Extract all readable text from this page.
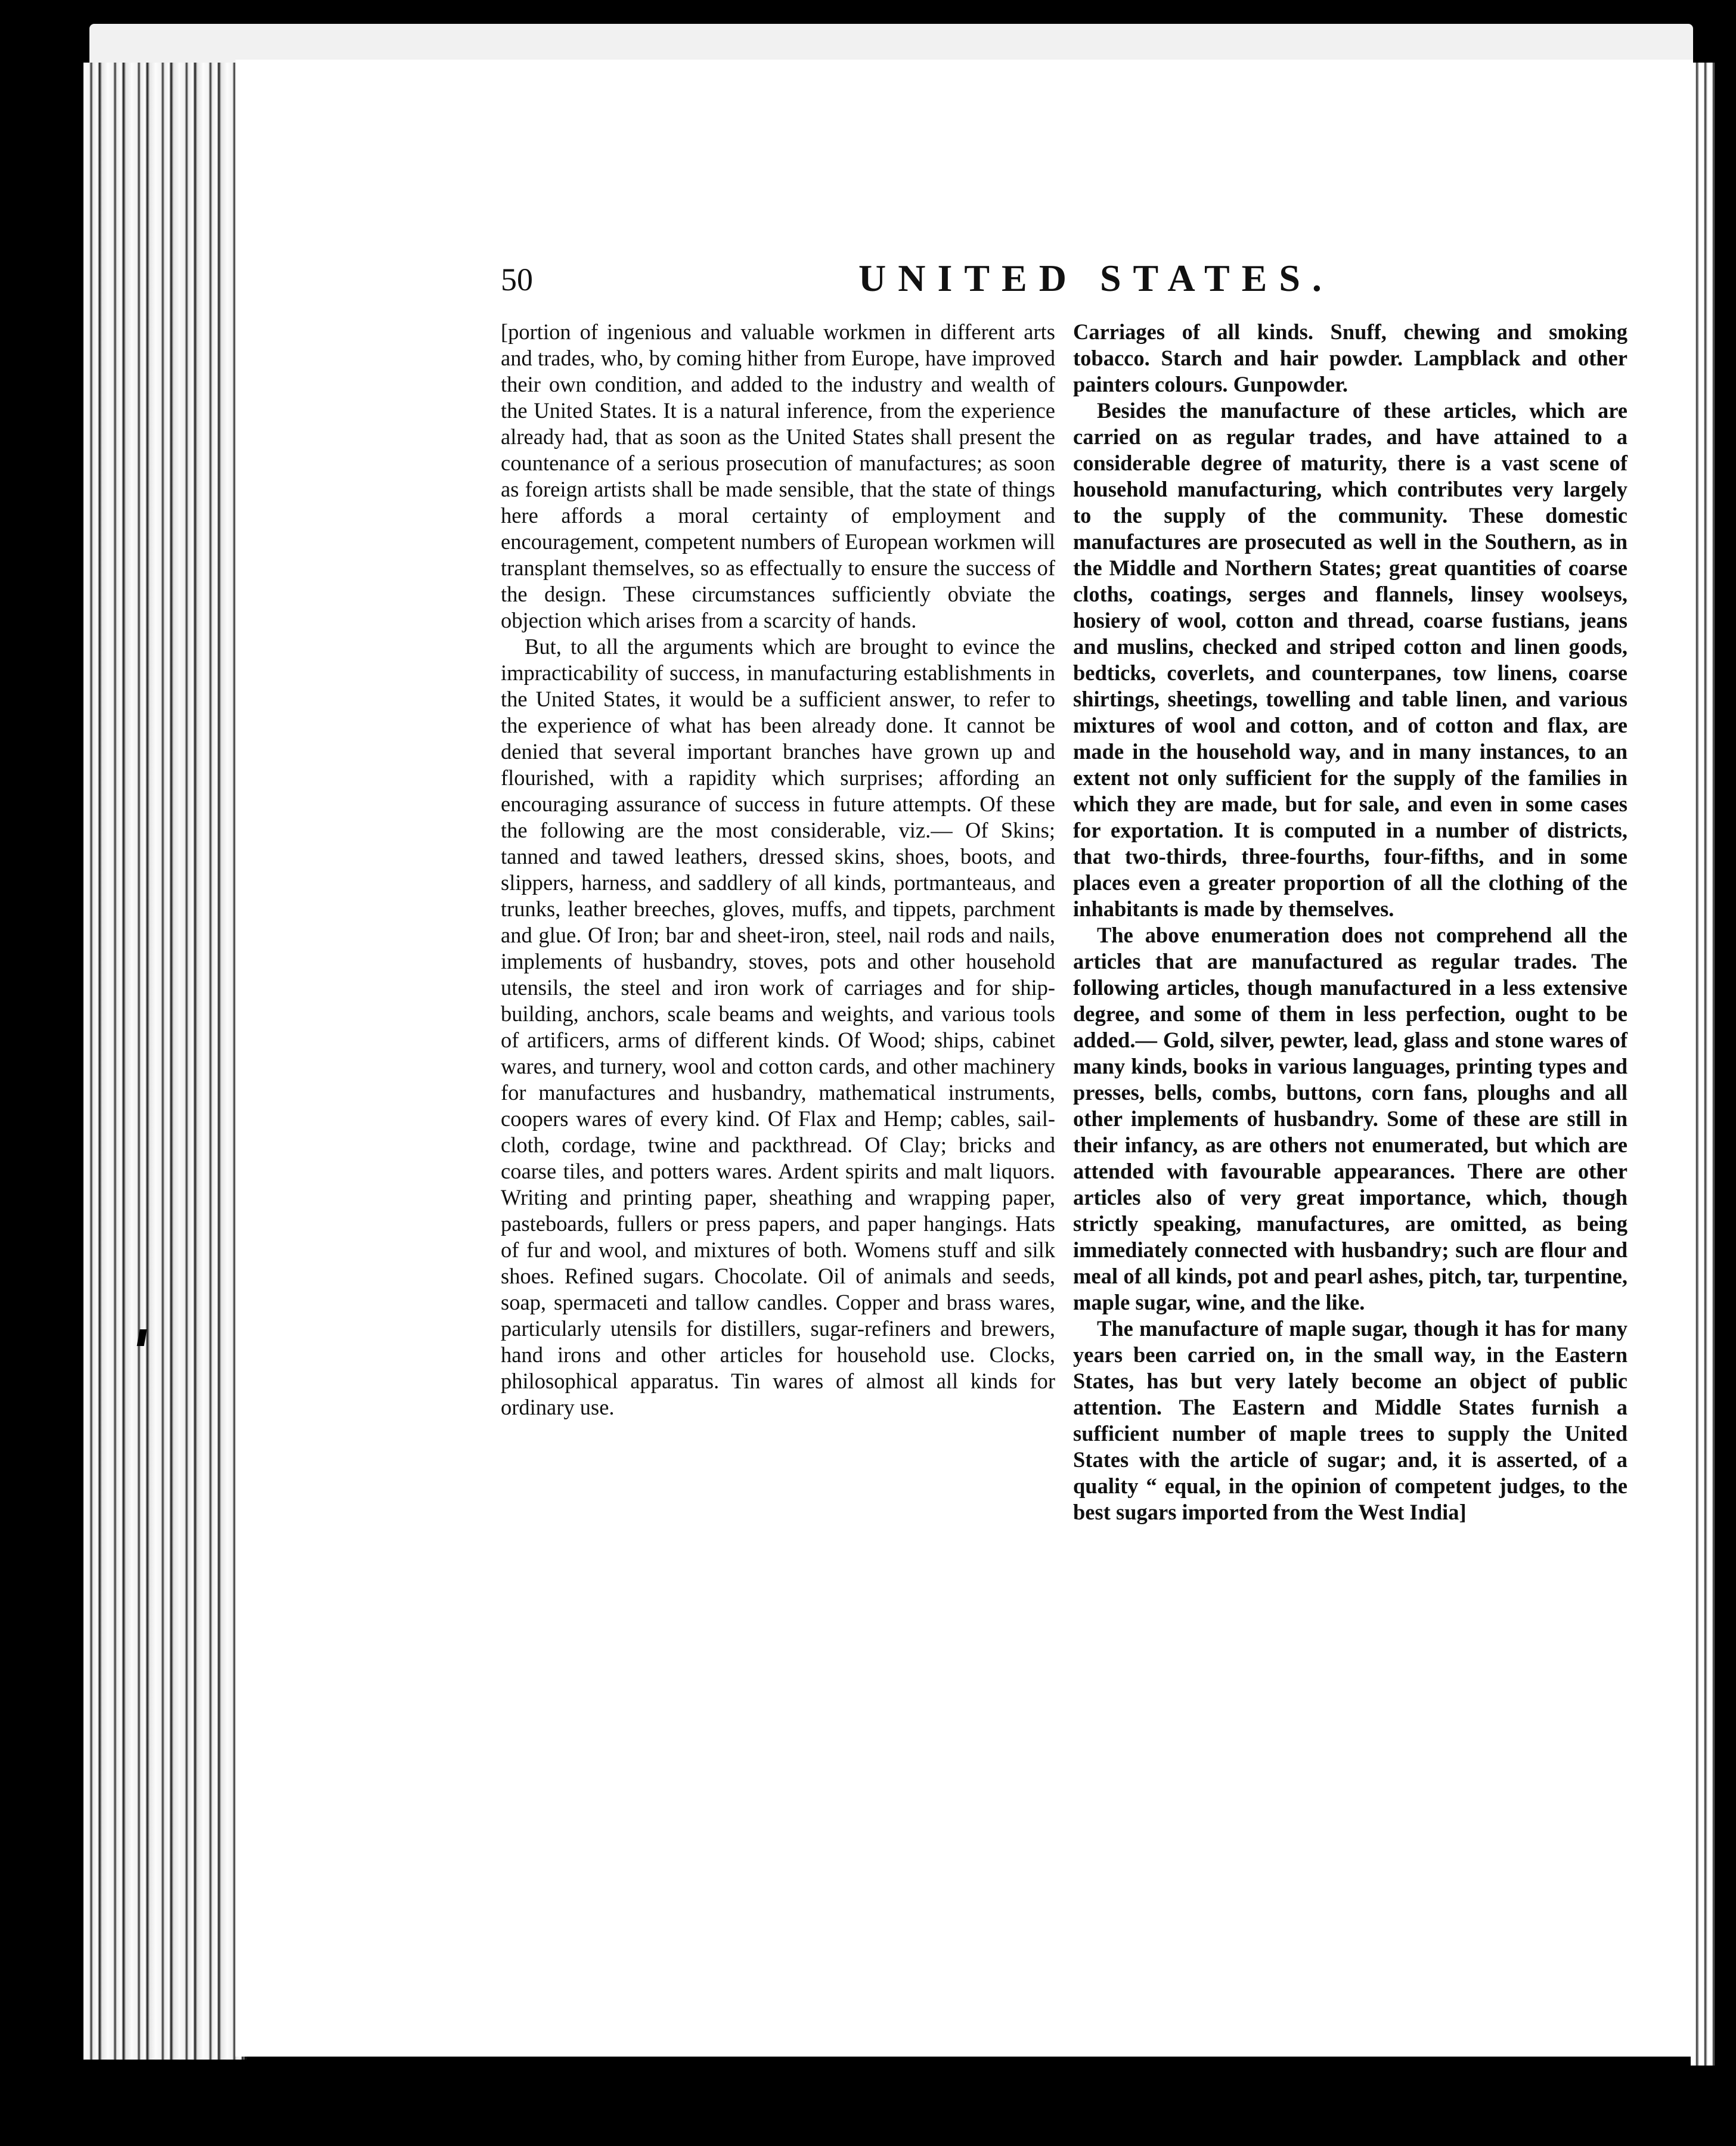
50	UNITED STATES.

[portion of ingenious and valuable workmen in different arts and trades, who, by coming hither from Europe, have improved their own condition, and added to the industry and wealth of the United States. It is a natural inference, from the experience already had, that as soon as the United States shall present the countenance of a serious prosecution of manufactures; as soon as foreign artists shall be made sensible, that the state of things here affords a moral certainty of employment and encouragement, competent numbers of European workmen will transplant themselves, so as effectually to ensure the success of the design. These circumstances sufficiently obviate the objection which arises from a scarcity of hands.

But, to all the arguments which are brought to evince the impracticability of success, in manufacturing establishments in the United States, it would be a sufficient answer, to refer to the experience of what has been already done. It cannot be denied that several important branches have grown up and flourished, with a rapidity which surprises; affording an encouraging assurance of success in future attempts. Of these the following are the most considerable, viz.— Of Skins; tanned and tawed leathers, dressed skins, shoes, boots, and slippers, harness, and saddlery of all kinds, portmanteaus, and trunks, leather breeches, gloves, muffs, and tippets, parchment and glue. Of Iron; bar and sheet-iron, steel, nail rods and nails, implements of husbandry, stoves, pots and other household utensils, the steel and iron work of carriages and for ship-building, anchors, scale beams and weights, and various tools of artificers, arms of different kinds. Of Wood; ships, cabinet wares, and turnery, wool and cotton cards, and other machinery for manufactures and husbandry, mathematical instruments, coopers wares of every kind. Of Flax and Hemp; cables, sail-cloth, cordage, twine and packthread. Of Clay; bricks and coarse tiles, and potters wares. Ardent spirits and malt liquors. Writing and printing paper, sheathing and wrapping paper, pasteboards, fullers or press papers, and paper hangings. Hats of fur and wool, and mixtures of both. Womens stuff and silk shoes. Refined sugars. Chocolate. Oil of animals and seeds, soap, spermaceti and tallow candles. Copper and brass wares, particularly utensils for distillers, sugar-refiners and brewers, hand irons and other articles for household use. Clocks, philosophical apparatus. Tin wares of almost all kinds for ordinary use.

Carriages of all kinds. Snuff, chewing and smoking tobacco. Starch and hair powder. Lampblack and other painters colours. Gunpowder.

Besides the manufacture of these articles, which are carried on as regular trades, and have attained to a considerable degree of maturity, there is a vast scene of household manufacturing, which contributes very largely to the supply of the community. These domestic manufactures are prosecuted as well in the Southern, as in the Middle and Northern States; great quantities of coarse cloths, coatings, serges and flannels, linsey woolseys, hosiery of wool, cotton and thread, coarse fustians, jeans and muslins, checked and striped cotton and linen goods, bedticks, coverlets, and counterpanes, tow linens, coarse shirtings, sheetings, towelling and table linen, and various mixtures of wool and cotton, and of cotton and flax, are made in the household way, and in many instances, to an extent not only sufficient for the supply of the families in which they are made, but for sale, and even in some cases for exportation. It is computed in a number of districts, that two-thirds, three-fourths, four-fifths, and in some places even a greater proportion of all the clothing of the inhabitants is made by themselves.

The above enumeration does not comprehend all the articles that are manufactured as regular trades. The following articles, though manufactured in a less extensive degree, and some of them in less perfection, ought to be added.— Gold, silver, pewter, lead, glass and stone wares of many kinds, books in various languages, printing types and presses, bells, combs, buttons, corn fans, ploughs and all other implements of husbandry. Some of these are still in their infancy, as are others not enumerated, but which are attended with favourable appearances. There are other articles also of very great importance, which, though strictly speaking, manufactures, are omitted, as being immediately connected with husbandry; such are flour and meal of all kinds, pot and pearl ashes, pitch, tar, turpentine, maple sugar, wine, and the like.

The manufacture of maple sugar, though it has for many years been carried on, in the small way, in the Eastern States, has but very lately become an object of public attention. The Eastern and Middle States furnish a sufficient number of maple trees to supply the United States with the article of sugar; and, it is asserted, of a quality “ equal, in the opinion of competent judges, to the best sugars imported from the West India]
